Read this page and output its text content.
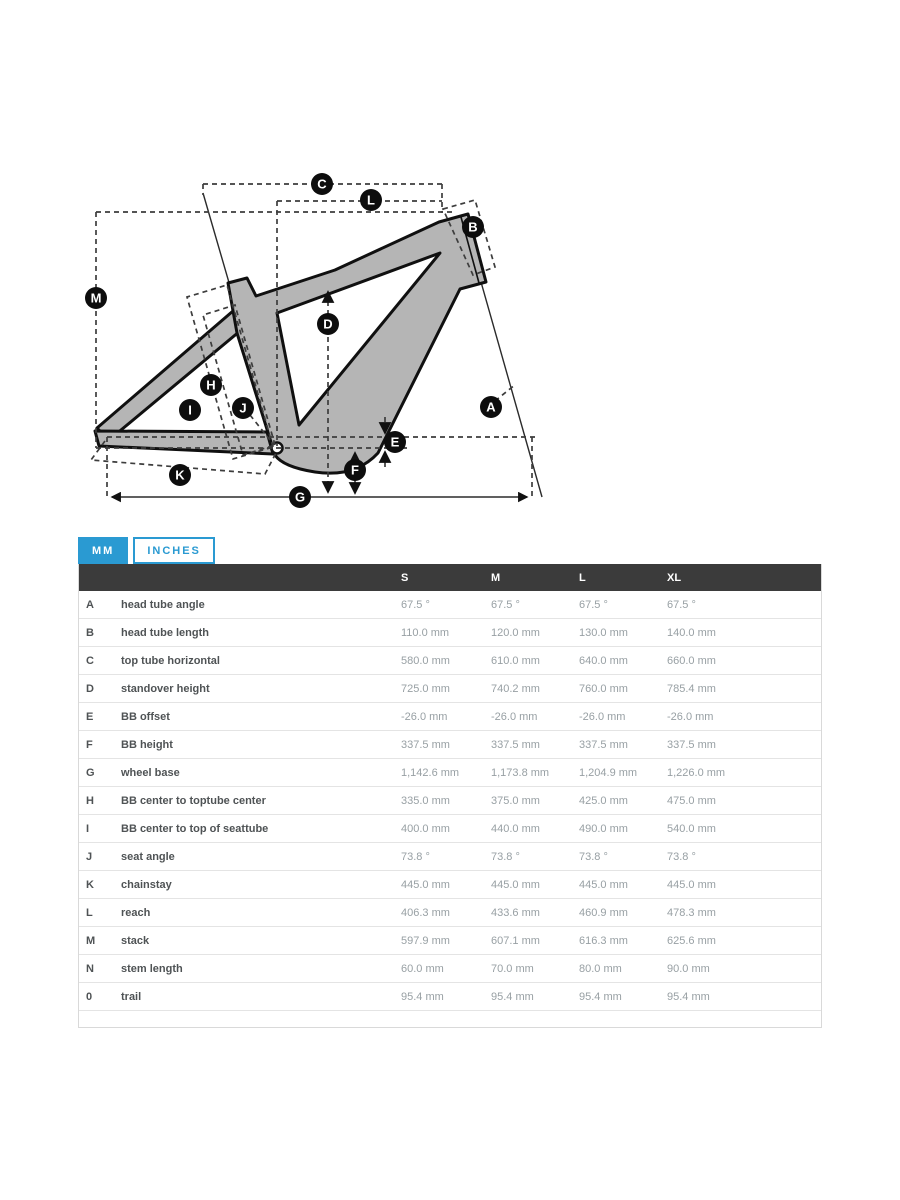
C
L
B
M
D
H
I	J	A
E
F
K
G
MM	INCHES
S	M	L	XL
A	head tube angle	67.5 °	67.5 °	67.5 °	67.5 °
B	head tube length	110.0 mm	120.0 mm	130.0 mm	140.0 mm
C	top tube horizontal	580.0 mm	610.0 mm	640.0 mm	660.0 mm
D	standover height	725.0 mm	740.2 mm	760.0 mm	785.4 mm
E	BB offset	-26.0 mm	-26.0 mm	-26.0 mm	-26.0 mm
F	BB height	337.5 mm	337.5 mm	337.5 mm	337.5 mm
G	wheel base	1,142.6 mm	1,173.8 mm	1,204.9 mm	1,226.0 mm
H	BB center to toptube center	335.0 mm	375.0 mm	425.0 mm	475.0 mm
I	BB center to top of seattube	400.0 mm	440.0 mm	490.0 mm	540.0 mm
J	seat angle	73.8 °	73.8 °	73.8 °	73.8 °
K	chainstay	445.0 mm	445.0 mm	445.0 mm	445.0 mm
L	reach	406.3 mm	433.6 mm	460.9 mm	478.3 mm
M	stack	597.9 mm	607.1 mm	616.3 mm	625.6 mm
N	stem length	60.0 mm	70.0 mm	80.0 mm	90.0 mm
0	trail	95.4 mm	95.4 mm	95.4 mm	95.4 mm
